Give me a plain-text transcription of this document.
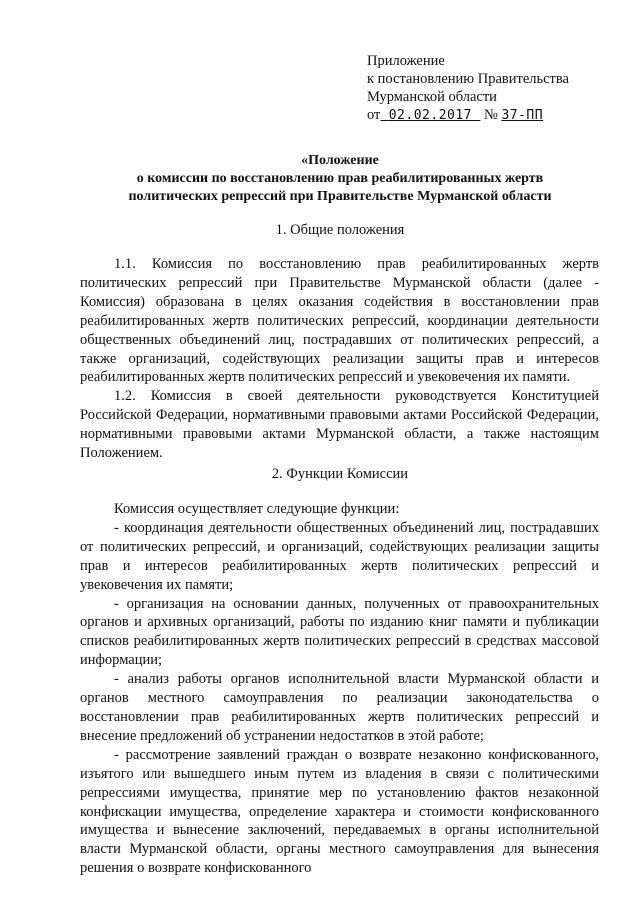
Приложение
к постановлению Правительства
Мурманской области
от 02.02.2017 № 37-ПП
«Положение
о комиссии по восстановлению прав реабилитированных жертв
политических репрессий при Правительстве Мурманской области
1. Общие положения

1.1. Комиссия по восстановлению прав реабилитированных жертв политических репрессий при Правительстве Мурманской области (далее - Комиссия) образована в целях оказания содействия в восстановлении прав реабилитированных жертв политических репрессий, координации деятельности общественных объединений лиц, пострадавших от политических репрессий, а также организаций, содействующих реализации защиты прав и интересов реабилитированных жертв политических репрессий и увековечения их памяти.

1.2. Комиссия в своей деятельности руководствуется Конституцией Российской Федерации, нормативными правовыми актами Российской Федерации, нормативными правовыми актами Мурманской области, а также настоящим Положением.

2. Функции Комиссии

Комиссия осуществляет следующие функции:

- координация деятельности общественных объединений лиц, пострадавших от политических репрессий, и организаций, содействующих реализации защиты прав и интересов реабилитированных жертв политических репрессий и увековечения их памяти;

- организация на основании данных, полученных от правоохранительных органов и архивных организаций, работы по изданию книг памяти и публикации списков реабилитированных жертв политических репрессий в средствах массовой информации;

- анализ работы органов исполнительной власти Мурманской области и органов местного самоуправления по реализации законодательства о восстановлении прав реабилитированных жертв политических репрессий и внесение предложений об устранении недостатков в этой работе;

- рассмотрение заявлений граждан о возврате незаконно конфискованного, изъятого или вышедшего иным путем из владения в связи с политическими репрессиями имущества, принятие мер по установлению фактов незаконной конфискации имущества, определение характера и стоимости конфискованного имущества и вынесение заключений, передаваемых в органы исполнительной власти Мурманской области, органы местного самоуправления для вынесения решения о возврате конфискованного
